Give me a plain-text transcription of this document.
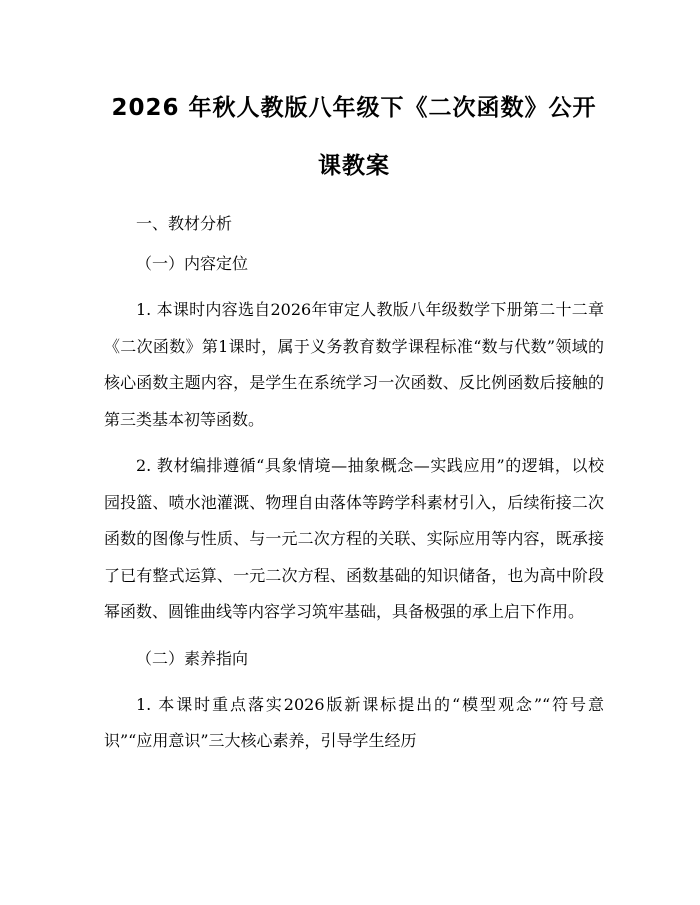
2026 年秋人教版八年级下《二次函数》公开
课教案

一、教材分析

（一）内容定位

1. 本课时内容选自2026年审定人教版八年级数学下册第二十二章《二次函数》第1课时，属于义务教育数学课程标准“数与代数”领域的核心函数主题内容，是学生在系统学习一次函数、反比例函数后接触的第三类基本初等函数。

2. 教材编排遵循“具象情境—抽象概念—实践应用”的逻辑，以校园投篮、喷水池灌溉、物理自由落体等跨学科素材引入，后续衔接二次函数的图像与性质、与一元二次方程的关联、实际应用等内容，既承接了已有整式运算、一元二次方程、函数基础的知识储备，也为高中阶段幂函数、圆锥曲线等内容学习筑牢基础，具备极强的承上启下作用。

（二）素养指向

1. 本课时重点落实2026版新课标提出的“模型观念”“符号意识”“应用意识”三大核心素养，引导学生经历
